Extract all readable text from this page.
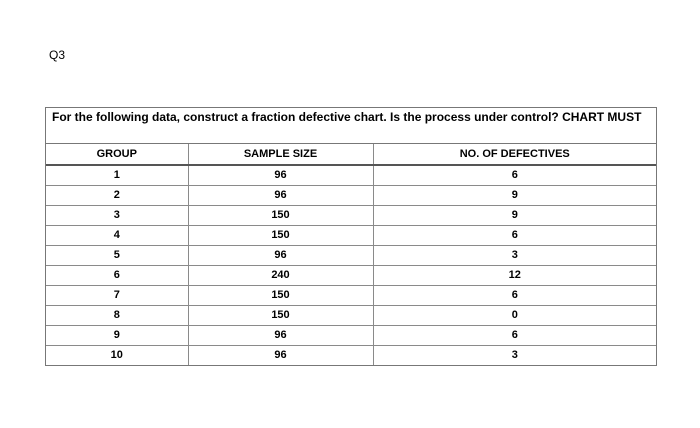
Q3
For the following data, construct a fraction defective chart. Is the process under control? CHART MUST
GROUP	SAMPLE SIZE	NO. OF DEFECTIVES
1	96	6
2	96	9
3	150	9
4	150	6
5	96	3
6	240	12
7	150	6
8	150	0
9	96	6
10	96	3
